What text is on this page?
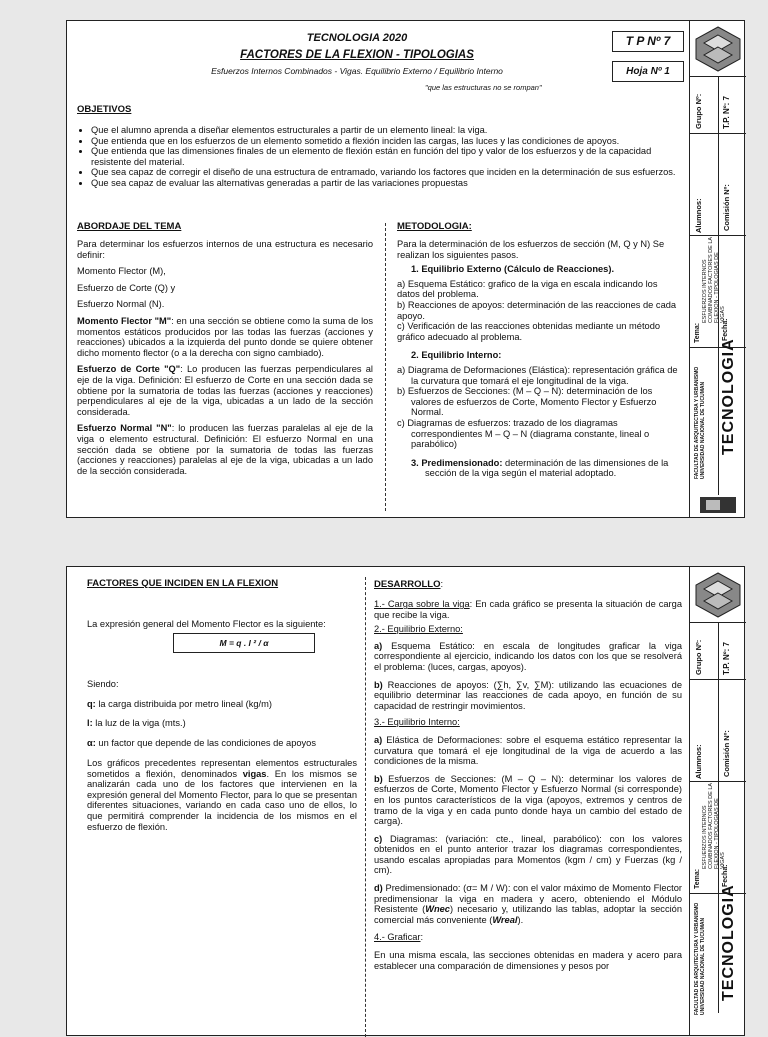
TECNOLOGIA 2020
FACTORES DE LA FLEXION - TIPOLOGIAS
Esfuerzos Internos Combinados - Vigas. Equilibrio Externo / Equilibrio Interno
"que las estructuras no se rompan"
T P Nº 7
Hoja Nº 1
OBJETIVOS
• Que el alumno aprenda a diseñar elementos estructurales a partir de un elemento lineal: la viga.
• Que entienda que en los esfuerzos de un elemento sometido a flexión inciden las cargas, las luces y las condiciones de apoyos.
• Que entienda que las dimensiones finales de un elemento de flexión están en función del tipo y valor de los esfuerzos y de la capacidad resistente del material.
• Que sea capaz de corregir el diseño de una estructura de entramado, variando los factores que inciden en la determinación de sus esfuerzos.
• Que sea capaz de evaluar las alternativas generadas a partir de las variaciones propuestas
ABORDAJE DEL TEMA

Para determinar los esfuerzos internos de una estructura es necesario definir:

Momento Flector (M),

Esfuerzo de Corte (Q) y

Esfuerzo Normal (N).

Momento Flector "M": en una sección se obtiene como la suma de los momentos estáticos producidos por las todas las fuerzas (acciones y reacciones) ubicados a la izquierda del punto donde se quiere obtener dicho momento flector (o a la derecha con signo cambiado).

Esfuerzo de Corte "Q": Lo producen las fuerzas perpendiculares al eje de la viga. Definición: El esfuerzo de Corte en una sección dada se obtiene por la sumatoria de todas las fuerzas (acciones y reacciones) perpendiculares al eje de la viga, ubicadas a un lado de la sección considerada.

Esfuerzo Normal "N": lo producen las fuerzas paralelas al eje de la viga o elemento estructural. Definición: El esfuerzo Normal en una sección dada se obtiene por la sumatoria de todas las fuerzas (acciones y reacciones) paralelas al eje de la viga, ubicadas a un lado de la sección considerada.

METODOLOGIA:

Para la determinación de los esfuerzos de sección (M, Q y N) Se realizan los siguientes pasos.

1. Equilibrio Externo (Cálculo de Reacciones).

a) Esquema Estático: grafico de la viga en escala indicando los datos del problema.

b) Reacciones de apoyos: determinación de las reacciones de cada apoyo.

c) Verificación de las reacciones obtenidas mediante un método gráfico adecuado al problema.

2. Equilibrio Interno:

a) Diagrama de Deformaciones (Elástica): representación gráfica de la curvatura que tomará el eje longitudinal de la viga.

b) Esfuerzos de Secciones: (M – Q – N): determinación de los valores de esfuerzos de Corte, Momento Flector y Esfuerzo Normal.

c) Diagramas de esfuerzos: trazado de los diagramas correspondientes M – Q – N (diagrama constante, lineal o parabólico)

3. Predimensionado: determinación de las dimensiones de la sección de la viga según el material adoptado.

Grupo Nº: T.P. Nº: 7
Alumnos:	Comisión Nº:
Tema:
ESFUERZOS INTERNOS COMBINADOS FACTORES DE LA FLEXION - TIPOLOGIAS DE VIGAS
Fecha:
FACULTAD DE ARQUITECTURA Y URBANISMO UNIVERSIDAD NACIONAL DE TUCUMAN TECNOLOGIA
FACTORES QUE INCIDEN EN LA FLEXION
La expresión general del Momento Flector es la siguiente:
M = q . l ² / α
Siendo:
q: la carga distribuida por metro lineal (kg/m)
l: la luz de la viga (mts.)
α: un factor que depende de las condiciones de apoyos
Los gráficos precedentes representan elementos estructurales sometidos a flexión, denominados vigas. En los mismos se analizarán cada uno de los factores que intervienen en la expresión general del Momento Flector, para lo que se presentan diferentes situaciones, variando en cada caso uno de ellos, lo que permitirá comprender la incidencia de los mismos en el esfuerzo de flexión.
DESARROLLO:

1.- Carga sobre la viga: En cada gráfico se presenta la situación de carga que recibe la viga.

2.- Equilibrio Externo:

a) Esquema Estático: en escala de longitudes graficar la viga correspondiente al ejercicio, indicando los datos con los que se resolverá el problema: (luces, cargas, apoyos).

b) Reacciones de apoyos: (∑h, ∑v, ∑M): utilizando las ecuaciones de equilibrio determinar las reacciones de cada apoyo, en función de su capacidad de restringir movimientos.

3.- Equilibrio Interno:

a) Elástica de Deformaciones: sobre el esquema estático representar la curvatura que tomará el eje longitudinal de la viga de acuerdo a las condiciones de la misma.

b) Esfuerzos de Secciones: (M – Q – N): determinar los valores de esfuerzos de Corte, Momento Flector y Esfuerzo Normal (si corresponde) en los puntos característicos de la viga (apoyos, extremos y centros de tramo de la viga y en cada punto donde haya un cambio del estado de carga).

c) Diagramas: (variación: cte., lineal, parabólico): con los valores obtenidos en el punto anterior trazar los diagramas correspondientes, usando escalas apropiadas para Momentos (kgm / cm) y Fuerzas (kg / cm).

d) Predimensionado: (σ= M / W): con el valor máximo de Momento Flector predimensionar la viga en madera y acero, obteniendo el Módulo Resistente (Wnec) necesario y, utilizando las tablas, adoptar la sección comercial más conveniente (Wreal).

4.- Graficar:

En una misma escala, las secciones obtenidas en madera y acero para establecer una comparación de dimensiones y pesos por

Grupo Nº: T.P. Nº: 7
Alumnos:	Comisión Nº:
Tema:
ESFUERZOS INTERNOS COMBINADOS FACTORES DE LA FLEXION - TIPOLOGIAS DE VIGAS
Fecha:
FACULTAD DE ARQUITECTURA Y URBANISMO UNIVERSIDAD NACIONAL DE TUCUMAN TECNOLOGIA
